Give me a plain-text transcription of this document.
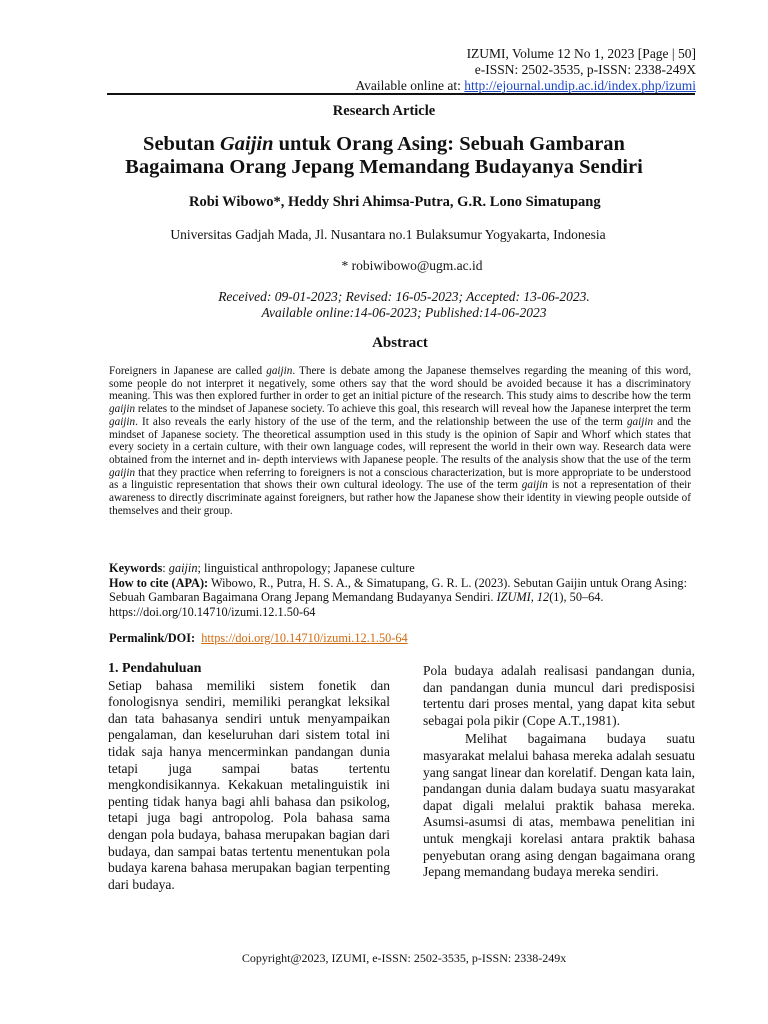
IZUMI, Volume 12 No 1, 2023 [Page | 50]
e-ISSN: 2502-3535, p-ISSN: 2338-249X
Available online at: http://ejournal.undip.ac.id/index.php/izumi
Research Article
Sebutan Gaijin untuk Orang Asing: Sebuah Gambaran
Bagaimana Orang Jepang Memandang Budayanya Sendiri
Robi Wibowo*, Heddy Shri Ahimsa-Putra, G.R. Lono Simatupang
Universitas Gadjah Mada, Jl. Nusantara no.1 Bulaksumur Yogyakarta, Indonesia
* robiwibowo@ugm.ac.id
Received: 09-01-2023; Revised: 16-05-2023; Accepted: 13-06-2023.
Available online:14-06-2023; Published:14-06-2023
Abstract
Foreigners in Japanese are called gaijin. There is debate among the Japanese themselves regarding the meaning of this word, some people do not interpret it negatively, some others say that the word should be avoided because it has a discriminatory meaning. This was then explored further in order to get an initial picture of the research. This study aims to describe how the term gaijin relates to the mindset of Japanese society. To achieve this goal, this research will reveal how the Japanese interpret the term gaijin. It also reveals the early history of the use of the term, and the relationship between the use of the term gaijin and the mindset of Japanese society. The theoretical assumption used in this study is the opinion of Sapir and Whorf which states that every society in a certain culture, with their own language codes, will represent the world in their own way. Research data were obtained from the internet and in- depth interviews with Japanese people. The results of the analysis show that the use of the term gaijin that they practice when referring to foreigners is not a conscious characterization, but is more appropriate to be understood as a linguistic representation that shows their own cultural ideology. The use of the term gaijin is not a representation of their awareness to directly discriminate against foreigners, but rather how the Japanese show their identity in viewing people outside of themselves and their group.
Keywords: gaijin; linguistical anthropology; Japanese culture
How to cite (APA): Wibowo, R., Putra, H. S. A., & Simatupang, G. R. L. (2023). Sebutan Gaijin untuk Orang Asing: Sebuah Gambaran Bagaimana Orang Jepang Memandang Budayanya Sendiri. IZUMI, 12(1), 50–64. https://doi.org/10.14710/izumi.12.1.50-64
Permalink/DOI: https://doi.org/10.14710/izumi.12.1.50-64
1. Pendahuluan

Setiap bahasa memiliki sistem fonetik dan fonologisnya sendiri, memiliki perangkat leksikal dan tata bahasanya sendiri untuk menyampaikan pengalaman, dan keseluruhan dari sistem total ini tidak saja hanya mencerminkan pandangan dunia tetapi juga sampai batas tertentu mengkondisikannya. Kekakuan metalinguistik ini penting tidak hanya bagi ahli bahasa dan psikolog, tetapi juga bagi antropolog. Pola bahasa sama dengan pola budaya, bahasa merupakan bagian dari budaya, dan sampai batas tertentu menentukan pola budaya karena bahasa merupakan bagian terpenting dari budaya.

Pola budaya adalah realisasi pandangan dunia, dan pandangan dunia muncul dari predisposisi tertentu dari proses mental, yang dapat kita sebut sebagai pola pikir (Cope A.T.,1981).

Melihat bagaimana budaya suatu masyarakat melalui bahasa mereka adalah sesuatu yang sangat linear dan korelatif. Dengan kata lain, pandangan dunia dalam budaya suatu masyarakat dapat digali melalui praktik bahasa mereka. Asumsi-asumsi di atas, membawa penelitian ini untuk mengkaji korelasi antara praktik bahasa penyebutan orang asing dengan bagaimana orang Jepang memandang budaya mereka sendiri.

Copyright@2023, IZUMI, e-ISSN: 2502-3535, p-ISSN: 2338-249x
